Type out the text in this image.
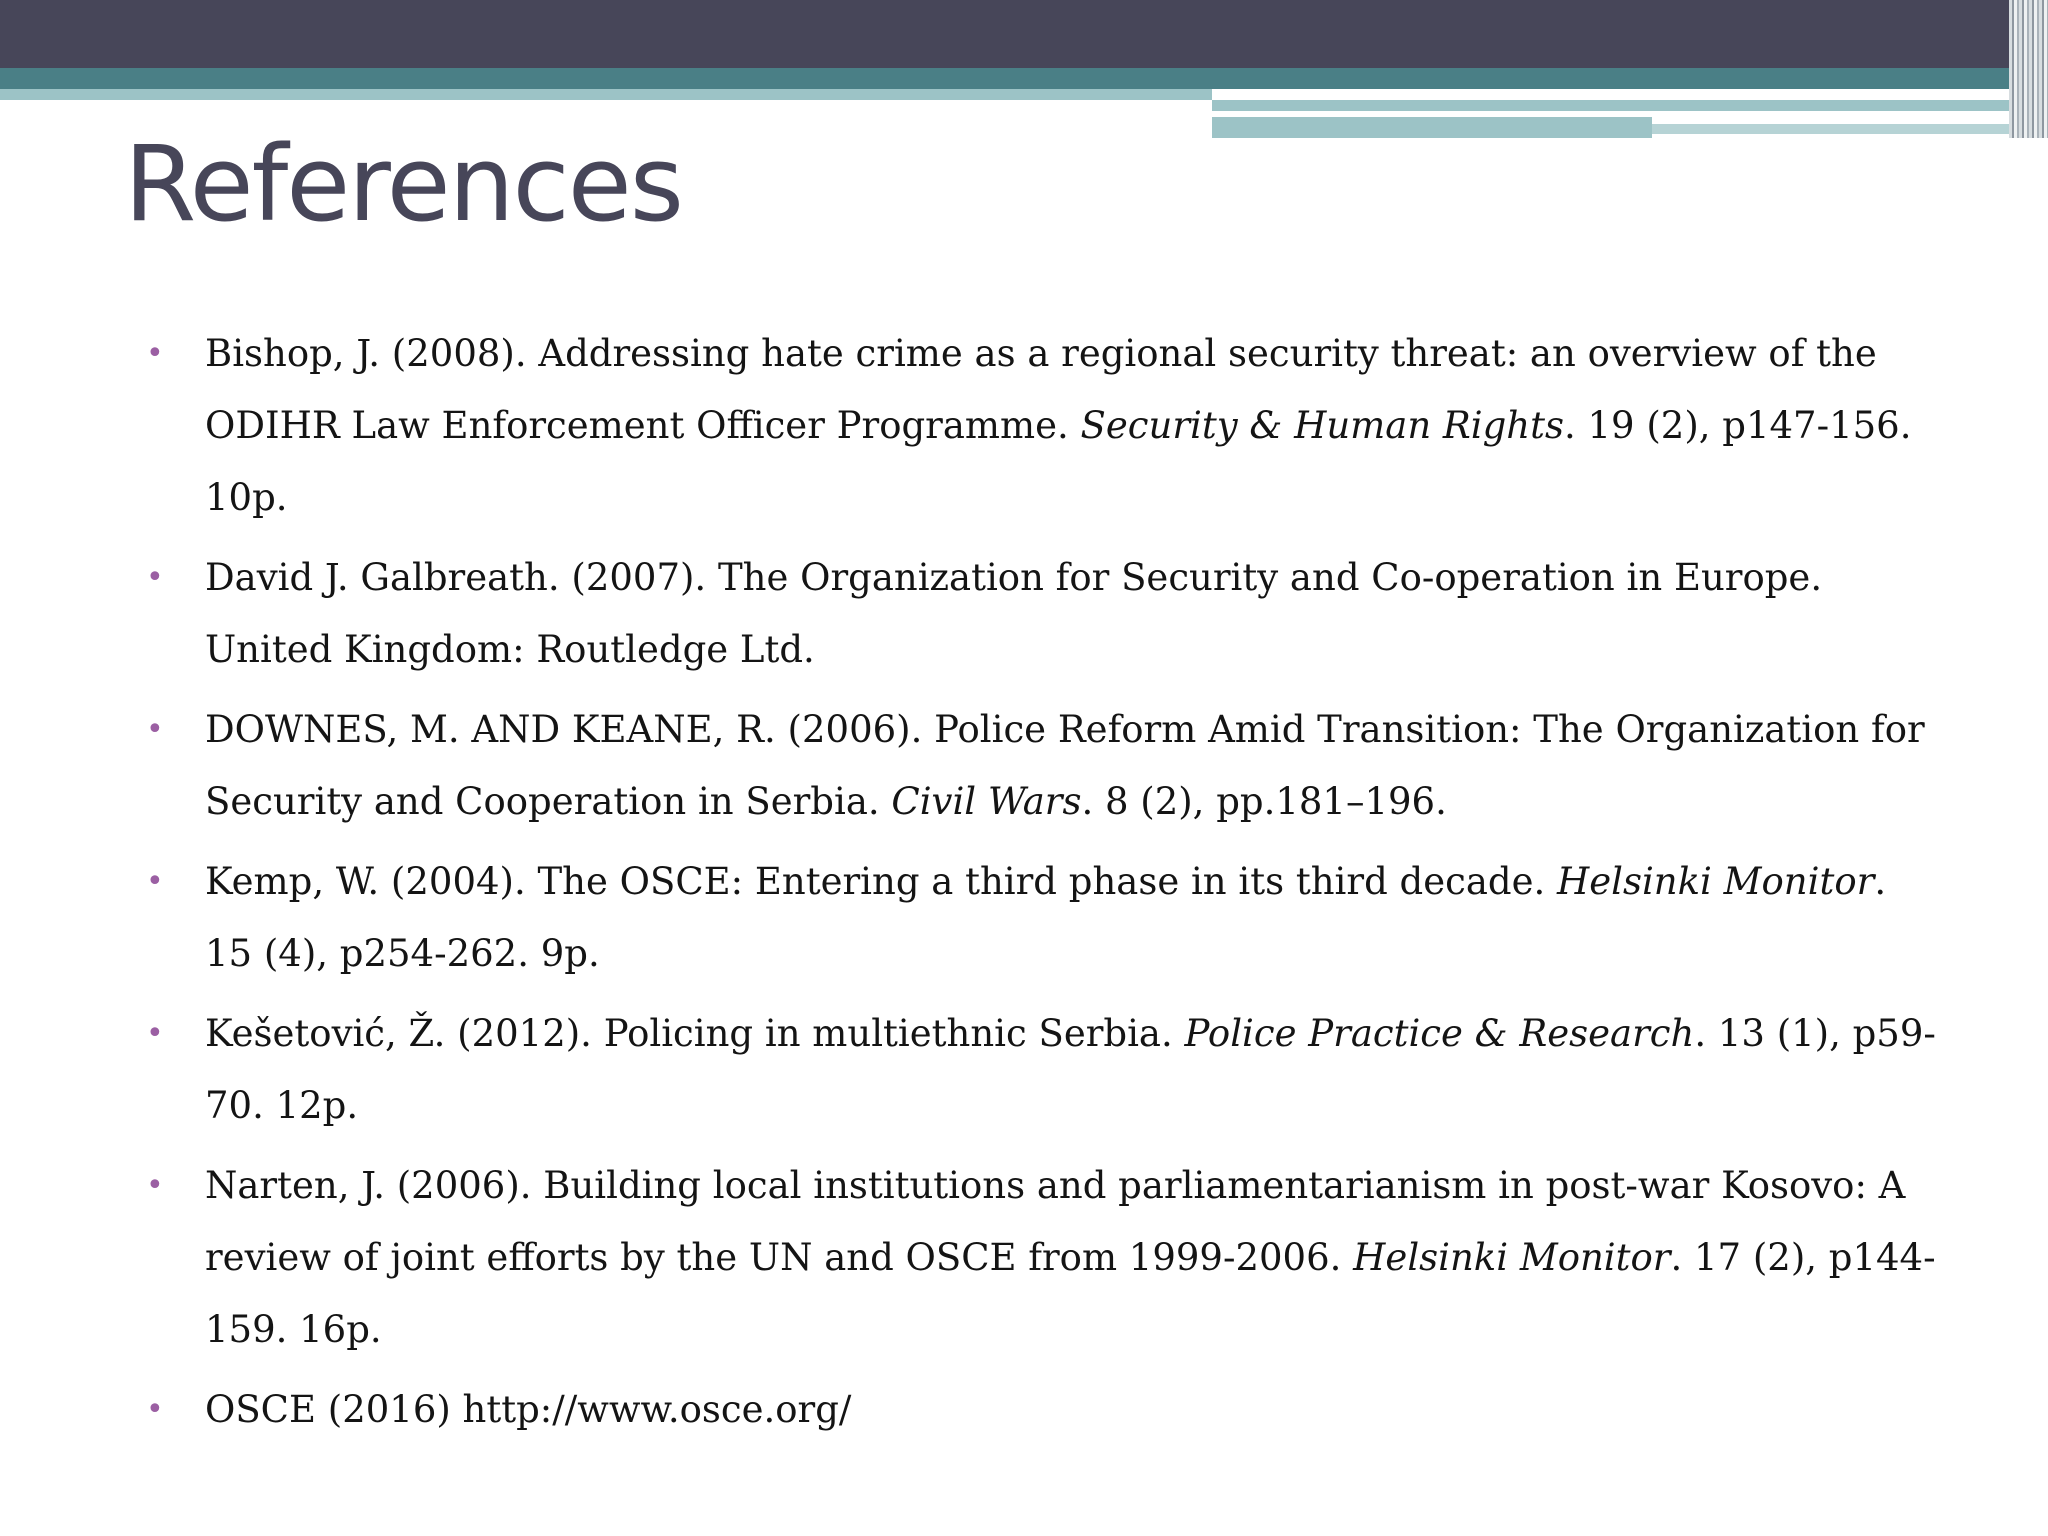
References
• Bishop, J. (2008). Addressing hate crime as a regional security threat: an overview of the ODIHR Law Enforcement Officer Programme. Security & Human Rights. 19 (2), p147-156. 10p.
• David J. Galbreath. (2007). The Organization for Security and Co-operation in Europe. United Kingdom: Routledge Ltd.
• DOWNES, M. AND KEANE, R. (2006). Police Reform Amid Transition: The Organization for Security and Cooperation in Serbia. Civil Wars. 8 (2), pp.181–196.
• Kemp, W. (2004). The OSCE: Entering a third phase in its third decade. Helsinki Monitor. 15 (4), p254-262. 9p.
• Kešetović, Ž. (2012). Policing in multiethnic Serbia. Police Practice & Research. 13 (1), p59-70. 12p.
• Narten, J. (2006). Building local institutions and parliamentarianism in post-war Kosovo: A review of joint efforts by the UN and OSCE from 1999-2006. Helsinki Monitor. 17 (2), p144-159. 16p.
• OSCE (2016) http://www.osce.org/
